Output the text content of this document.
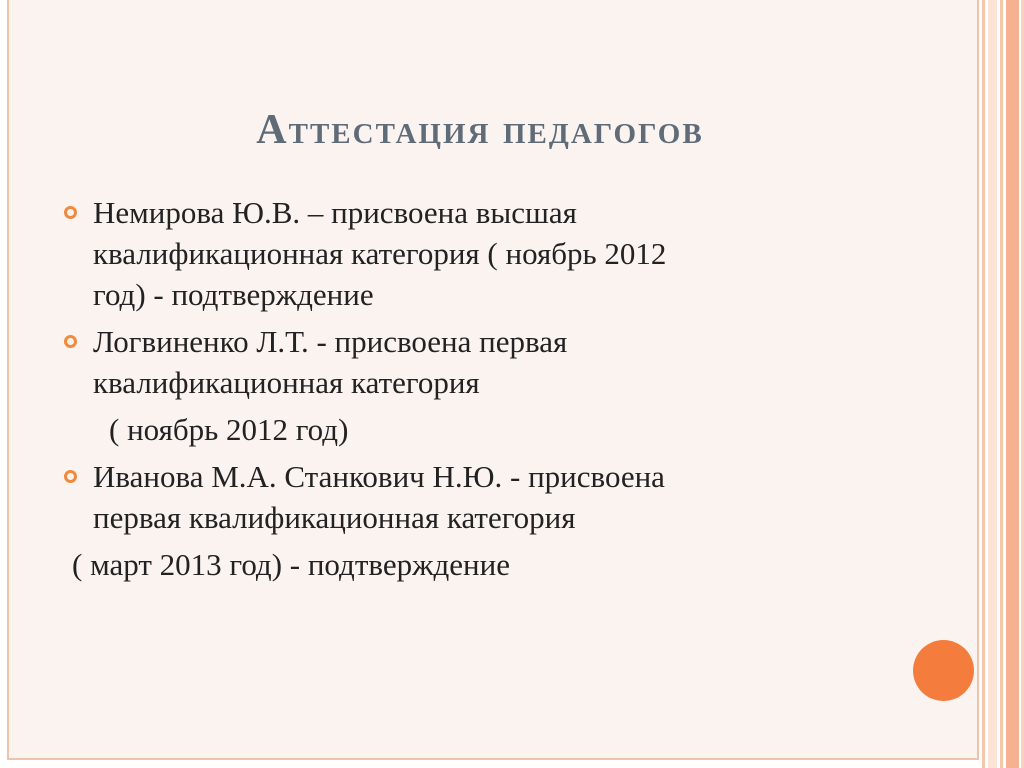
Аттестация педагогов
Немирова Ю.В. – присвоена высшая
квалификационная категория ( ноябрь 2012
год) - подтверждение
Логвиненко Л.Т. - присвоена первая
квалификационная категория
( ноябрь 2012 год)
Иванова М.А. Станкович Н.Ю. - присвоена
первая квалификационная категория
( март 2013 год) - подтверждение
